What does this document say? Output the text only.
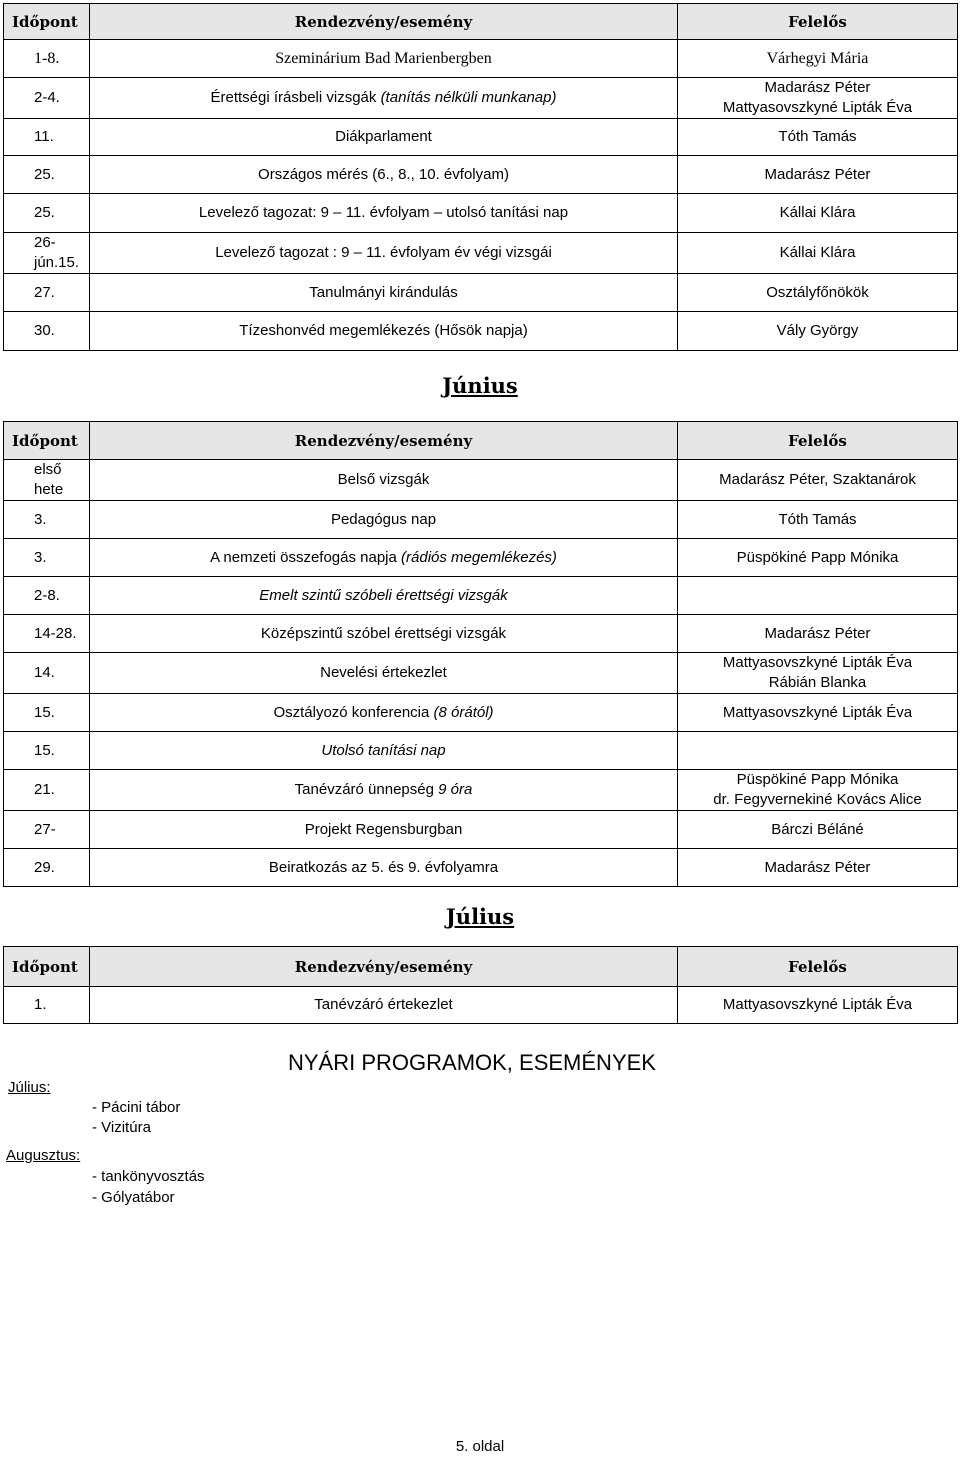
Időpont	Rendezvény/esemény	Felelős
1-8.	Szeminárium Bad Marienbergben	Várhegyi Mária

2-4.	Érettségi írásbeli vizsgák (tanítás nélküli munkanap)	Madarász Péter
Mattyasovszkyné Lipták Éva

11.	Diákparlament	Tóth Tamás

25.	Országos mérés (6., 8., 10. évfolyam)	Madarász Péter

25.	Levelező tagozat: 9 – 11. évfolyam – utolsó tanítási nap	Kállai Klára

26-jún.15.	Levelező tagozat : 9 – 11. évfolyam év végi vizsgái	Kállai Klára

27.	Tanulmányi kirándulás	Osztályfőnökök

30.	Tízeshonvéd megemlékezés (Hősök napja)	Vály György
Június
Időpont	Rendezvény/esemény	Felelős
első hete	Belső vizsgák	Madarász Péter, Szaktanárok

3.	Pedagógus nap	Tóth Tamás

3.	A nemzeti összefogás napja (rádiós megemlékezés)	Püspökiné Papp Mónika

2-8.	Emelt szintű szóbeli érettségi vizsgák	

14-28.	Középszintű szóbel érettségi vizsgák	Madarász Péter

14.	Nevelési értekezlet	Mattyasovszkyné Lipták Éva
Rábián Blanka

15.	Osztályozó konferencia (8 órától)	Mattyasovszkyné Lipták Éva

15.	Utolsó tanítási nap	

21.	Tanévzáró ünnepség 9 óra	Püspökiné Papp Mónika
dr. Fegyvernekiné Kovács Alice

27-	Projekt Regensburgban	Bárczi Béláné

29.	Beiratkozás az 5. és 9. évfolyamra	Madarász Péter
Július
Időpont	Rendezvény/esemény	Felelős
1.	Tanévzáró értekezlet	Mattyasovszkyné Lipták Éva
NYÁRI PROGRAMOK, ESEMÉNYEK
Július:
- Pácini tábor
- Vizitúra
Augusztus:
- tankönyvosztás
- Gólyatábor
5. oldal
